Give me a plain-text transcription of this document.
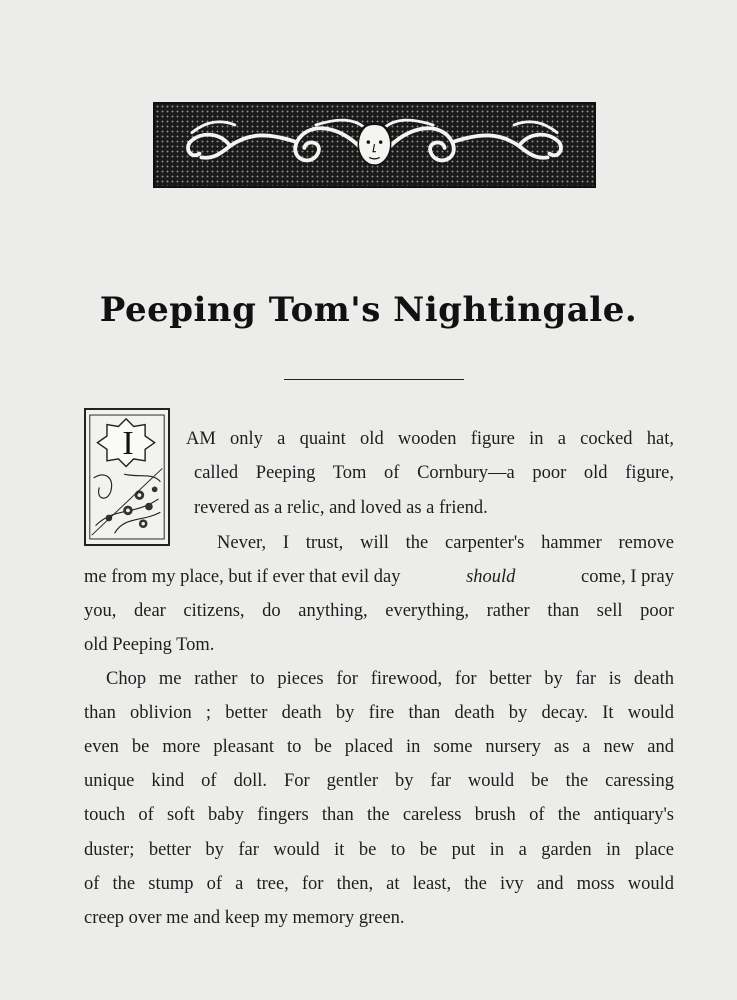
Peeping Tom's Nightingale.
I	AM only a quaint old wooden figure in a cocked hat,
called Peeping Tom of Cornbury—a poor old figure,
revered as a relic, and loved as a friend.
Never, I trust, will the carpenter's hammer remove
me from my place, but if ever that evil day	should	come, I pray
you, dear citizens, do anything, everything, rather than sell poor
old Peeping Tom.
Chop me rather to pieces for firewood, for better by far is death
than oblivion ; better death by fire than death by decay. It would
even be more pleasant to be placed in some nursery as a new and
unique kind of doll. For gentler by far would be the caressing
touch of soft baby fingers than the careless brush of the antiquary's
duster; better by far would it be to be put in a garden in place
of the stump of a tree, for then, at least, the ivy and moss would
creep over me and keep my memory green.
